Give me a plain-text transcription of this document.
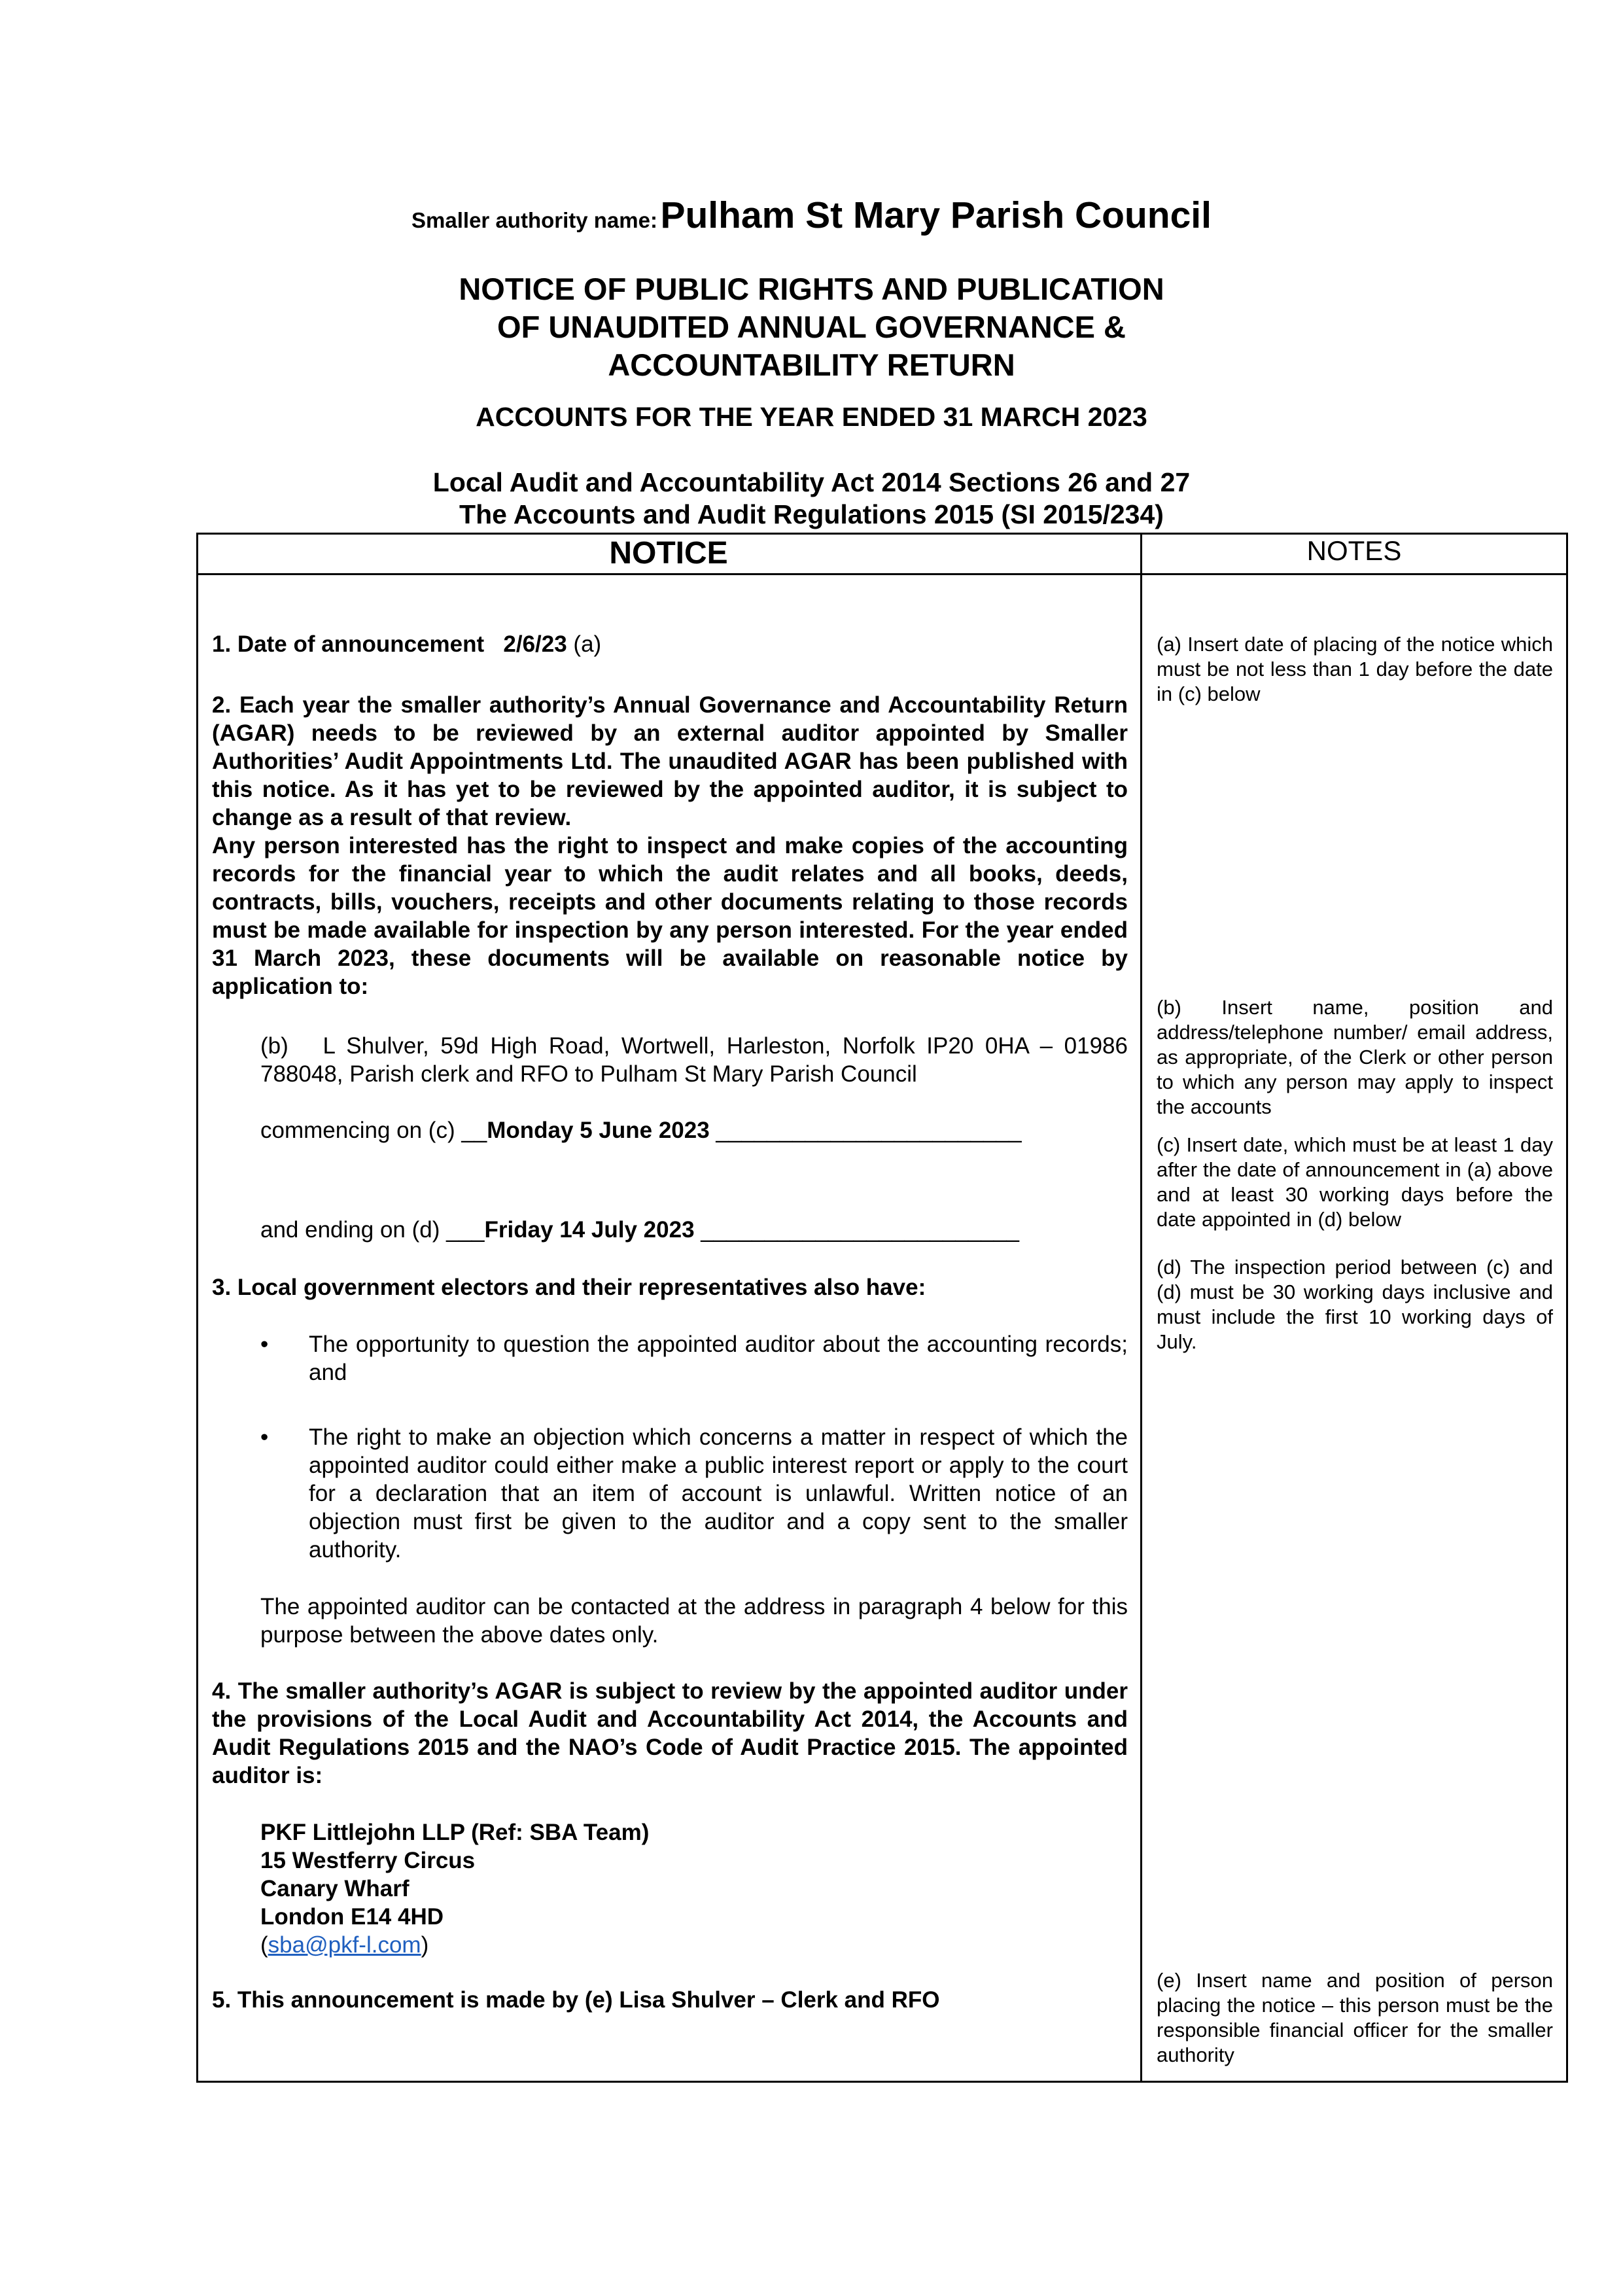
Smaller authority name: Pulham St Mary Parish Council
NOTICE OF PUBLIC RIGHTS AND PUBLICATION
OF UNAUDITED ANNUAL GOVERNANCE &
ACCOUNTABILITY RETURN
ACCOUNTS FOR THE YEAR ENDED 31 MARCH 2023
Local Audit and Accountability Act 2014 Sections 26 and 27
The Accounts and Audit Regulations 2015 (SI 2015/234)
NOTICE	NOTES
1. Date of announcement 2/6/23 (a)
2. Each year the smaller authority’s Annual Governance and Accountability Return (AGAR) needs to be reviewed by an external auditor appointed by Smaller Authorities’ Audit Appointments Ltd. The unaudited AGAR has been published with this notice. As it has yet to be reviewed by the appointed auditor, it is subject to change as a result of that review.
Any person interested has the right to inspect and make copies of the accounting records for the financial year to which the audit relates and all books, deeds, contracts, bills, vouchers, receipts and other documents relating to those records must be made available for inspection by any person interested. For the year ended 31 March 2023, these documents will be available on reasonable notice by application to:
(b) L Shulver, 59d High Road, Wortwell, Harleston, Norfolk IP20 0HA – 01986 788048, Parish clerk and RFO to Pulham St Mary Parish Council
commencing on (c) __Monday 5 June 2023 ________________________
and ending on (d) ___Friday 14 July 2023 _________________________
3. Local government electors and their representatives also have:
• The opportunity to question the appointed auditor about the accounting records; and
• The right to make an objection which concerns a matter in respect of which the appointed auditor could either make a public interest report or apply to the court for a declaration that an item of account is unlawful. Written notice of an objection must first be given to the auditor and a copy sent to the smaller authority.
The appointed auditor can be contacted at the address in paragraph 4 below for this purpose between the above dates only.
4. The smaller authority’s AGAR is subject to review by the appointed auditor under the provisions of the Local Audit and Accountability Act 2014, the Accounts and Audit Regulations 2015 and the NAO’s Code of Audit Practice 2015. The appointed auditor is:
PKF Littlejohn LLP (Ref: SBA Team)
15 Westferry Circus
Canary Wharf
London E14 4HD
(sba@pkf-l.com)
5. This announcement is made by (e) Lisa Shulver – Clerk and RFO
(a) Insert date of placing of the notice which must be not less than 1 day before the date in (c) below
(b) Insert name, position and address/telephone number/ email address, as appropriate, of the Clerk or other person to which any person may apply to inspect the accounts
(c) Insert date, which must be at least 1 day after the date of announcement in (a) above and at least 30 working days before the date appointed in (d) below
(d) The inspection period between (c) and (d) must be 30 working days inclusive and must include the first 10 working days of July.
(e) Insert name and position of person placing the notice – this person must be the responsible financial officer for the smaller authority
